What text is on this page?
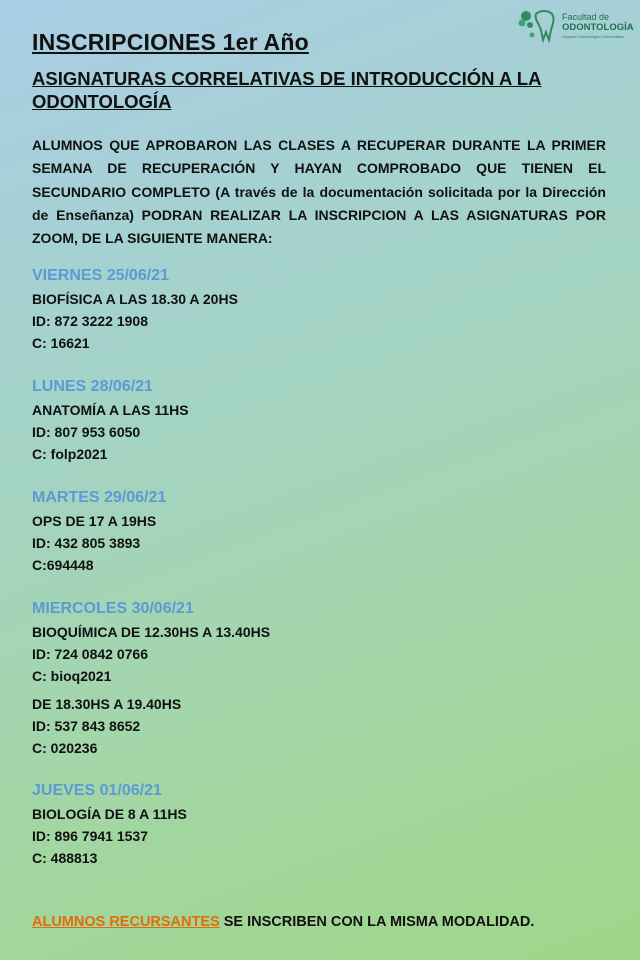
Facultad de
ODONTOLOGÍA
Hospital Odontológico Universitario
INSCRIPCIONES 1er Año
ASIGNATURAS CORRELATIVAS DE INTRODUCCIÓN A LA ODONTOLOGÍA

ALUMNOS QUE APROBARON LAS CLASES A RECUPERAR DURANTE LA PRIMER SEMANA DE RECUPERACIÓN Y HAYAN COMPROBADO QUE TIENEN EL SECUNDARIO COMPLETO (A través de la documentación solicitada por la Dirección de Enseñanza) PODRAN REALIZAR LA INSCRIPCION A LAS ASIGNATURAS POR ZOOM, DE LA SIGUIENTE MANERA:

VIERNES 25/06/21
BIOFÍSICA A LAS 18.30 A 20HS
ID: 872 3222 1908
C: 16621
LUNES 28/06/21
ANATOMÍA A LAS 11HS
ID: 807 953 6050
C: folp2021
MARTES 29/06/21
OPS DE 17 A 19HS
ID: 432 805 3893
C:694448
MIERCOLES 30/06/21
BIOQUÍMICA DE 12.30HS A 13.40HS
ID: 724 0842 0766
C: bioq2021
DE 18.30HS A 19.40HS
ID: 537 843 8652
C: 020236
JUEVES 01/06/21
BIOLOGÍA DE 8 A 11HS
ID: 896 7941 1537
C: 488813

ALUMNOS RECURSANTES SE INSCRIBEN CON LA MISMA MODALIDAD.
